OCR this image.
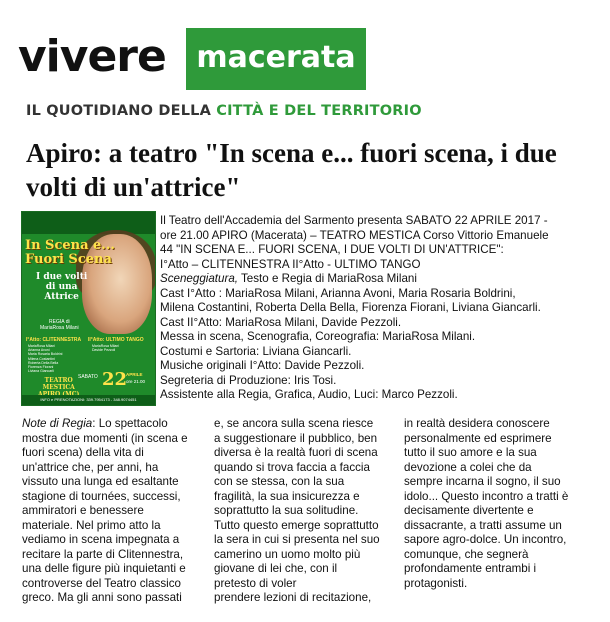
vivere	macerata
IL QUOTIDIANO DELLA CITTÀ E DEL TERRITORIO
Apiro: a teatro "In scena e... fuori scena, i due volti di un'attrice"
In Scena e...
Fuori Scena
I due volti
di una
Attrice
REGIA di
MariaRosa Milani
I°Atto: CLITENNESTRA II°Atto: ULTIMO TANGO
MariaRosa Milani
Arianna Avoni
Maria Rosaria Boldrini
Milena Costantini
Roberta Della Bella
Fiorenza Fiorani
Liviana Giancarli
MariaRosa Milani
Davide Pezzoli
TEATRO
MESTICA
SABATO 22
APRILE
ore 21.00
INFO e PRENOTAZIONI: 339.7954173 - 348.9074451

Il Teatro dell'Accademia del Sarmento presenta SABATO 22 APRILE 2017 -

ore 21.00 APIRO (Macerata) – TEATRO MESTICA Corso Vittorio Emanuele

44 "IN SCENA E... FUORI SCENA, I DUE VOLTI DI UN'ATTRICE":

I°Atto – CLITENNESTRA II°Atto - ULTIMO TANGO

Sceneggiatura, Testo e Regia di MariaRosa Milani

Cast I°Atto : MariaRosa Milani, Arianna Avoni, Maria Rosaria Boldrini,

Milena Costantini, Roberta Della Bella, Fiorenza Fiorani, Liviana Giancarli.

Cast II°Atto: MariaRosa Milani, Davide Pezzoli.

Messa in scena, Scenografia, Coreografia: MariaRosa Milani.

Costumi e Sartoria: Liviana Giancarli.

Musiche originali I°Atto: Davide Pezzoli.

Segreteria di Produzione: Iris Tosi.

Assistente alla Regia, Grafica, Audio, Luci: Marco Pezzoli.

Note di Regia: Lo spettacolo

mostra due momenti (in scena e

fuori scena) della vita di

un'attrice che, per anni, ha

vissuto una lunga ed esaltante

stagione di tournées, successi,

ammiratori e benessere

materiale. Nel primo atto la

vediamo in scena impegnata a

recitare la parte di Clitennestra,

una delle figure più inquietanti e

controverse del Teatro classico

greco. Ma gli anni sono passati

e, se ancora sulla scena riesce

a suggestionare il pubblico, ben

diversa è la realtà fuori di scena

quando si trova faccia a faccia

con se stessa, con la sua

fragilità, la sua insicurezza e

soprattutto la sua solitudine.

Tutto questo emerge soprattutto

la sera in cui si presenta nel suo

camerino un uomo molto più

giovane di lei che, con il

pretesto di voler

prendere lezioni di recitazione,

in realtà desidera conoscere

personalmente ed esprimere

tutto il suo amore e la sua

devozione a colei che da

sempre incarna il sogno, il suo

idolo... Questo incontro a tratti è

decisamente divertente e

dissacrante, a tratti assume un

sapore agro-dolce. Un incontro,

comunque, che segnerà

profondamente entrambi i

protagonisti.
